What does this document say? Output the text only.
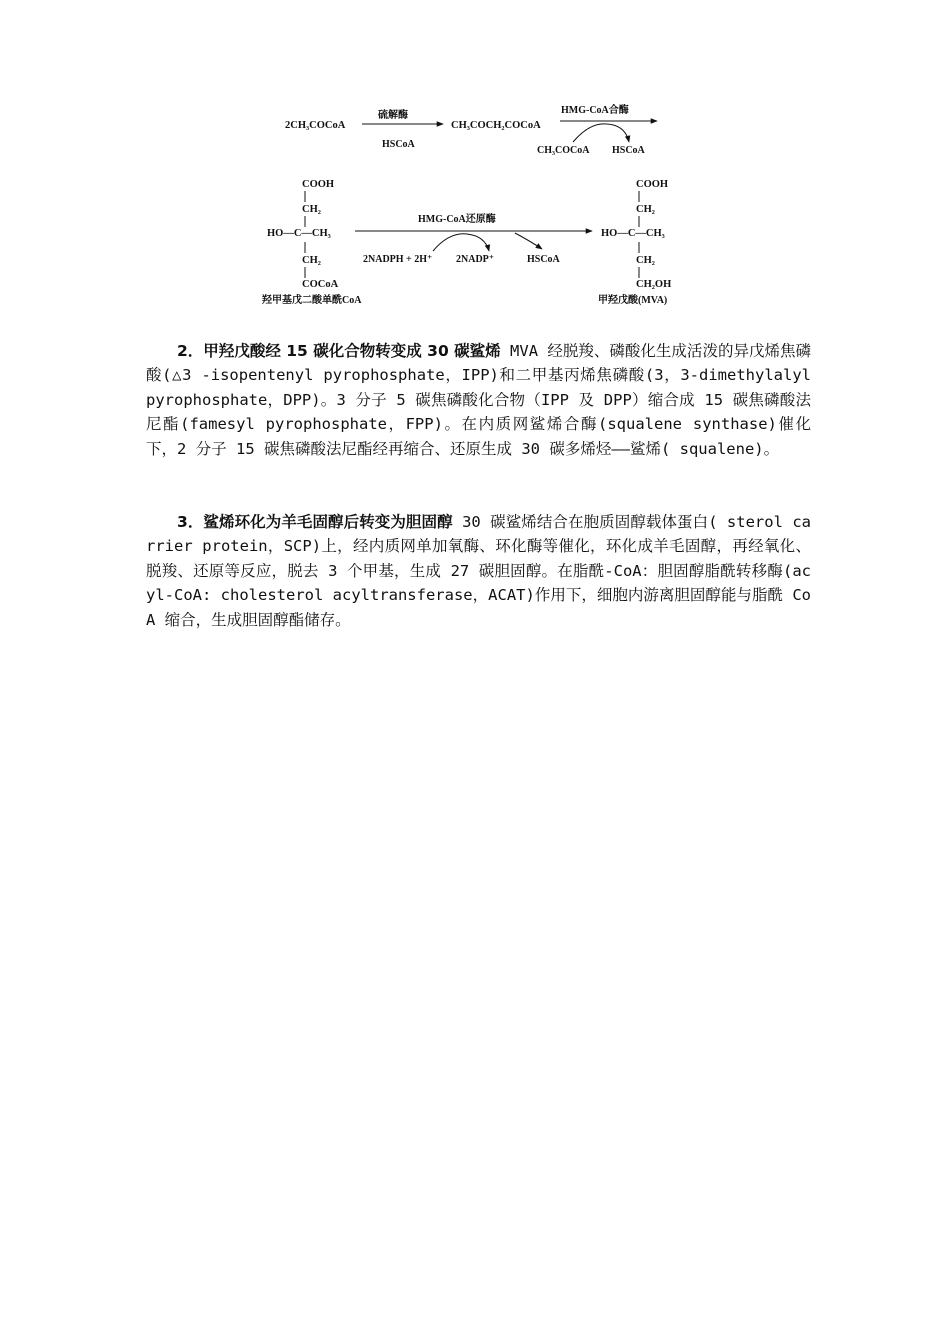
2CH₃COCoA
硫解酶
HSCoA
CH₃COCH₂COCoA
HMG-CoA合酶
CH₃COCoA HSCoA
COOH
CH₂
HO—C—CH₃
CH₂
COCoA
羟甲基戊二酸单酰CoA
HMG-CoA还原酶
2NADPH + 2H⁺ 2NADP⁺	HSCoA
COOH
CH₂
HO—C—CH₃
CH₂
CH₂OH
甲羟戊酸(MVA)

2．甲羟戊酸经 15 碳化合物转变成 30 碳鲨烯 MVA 经脱羧、磷酸化生成活泼的异戊烯焦磷酸(△3 -isopentenyl pyrophosphate，IPP)和二甲基丙烯焦磷酸(3，3-dimethylalyl pyrophosphate，DPP)。3 分子 5 碳焦磷酸化合物（IPP 及 DPP）缩合成 15 碳焦磷酸法尼酯(famesyl pyrophosphate，FPP)。在内质网鲨烯合酶(squalene synthase)催化下，2 分子 15 碳焦磷酸法尼酯经再缩合、还原生成 30 碳多烯烃——鲨烯( squalene)。

3．鲨烯环化为羊毛固醇后转变为胆固醇 30 碳鲨烯结合在胞质固醇载体蛋白( sterol carrier protein，SCP)上，经内质网单加氧酶、环化酶等催化，环化成羊毛固醇，再经氧化、脱羧、还原等反应，脱去 3 个甲基，生成 27 碳胆固醇。在脂酰-CoA：胆固醇脂酰转移酶(acyl-CoA: cholesterol acyltransferase，ACAT)作用下，细胞内游离胆固醇能与脂酰 CoA 缩合，生成胆固醇酯储存。
